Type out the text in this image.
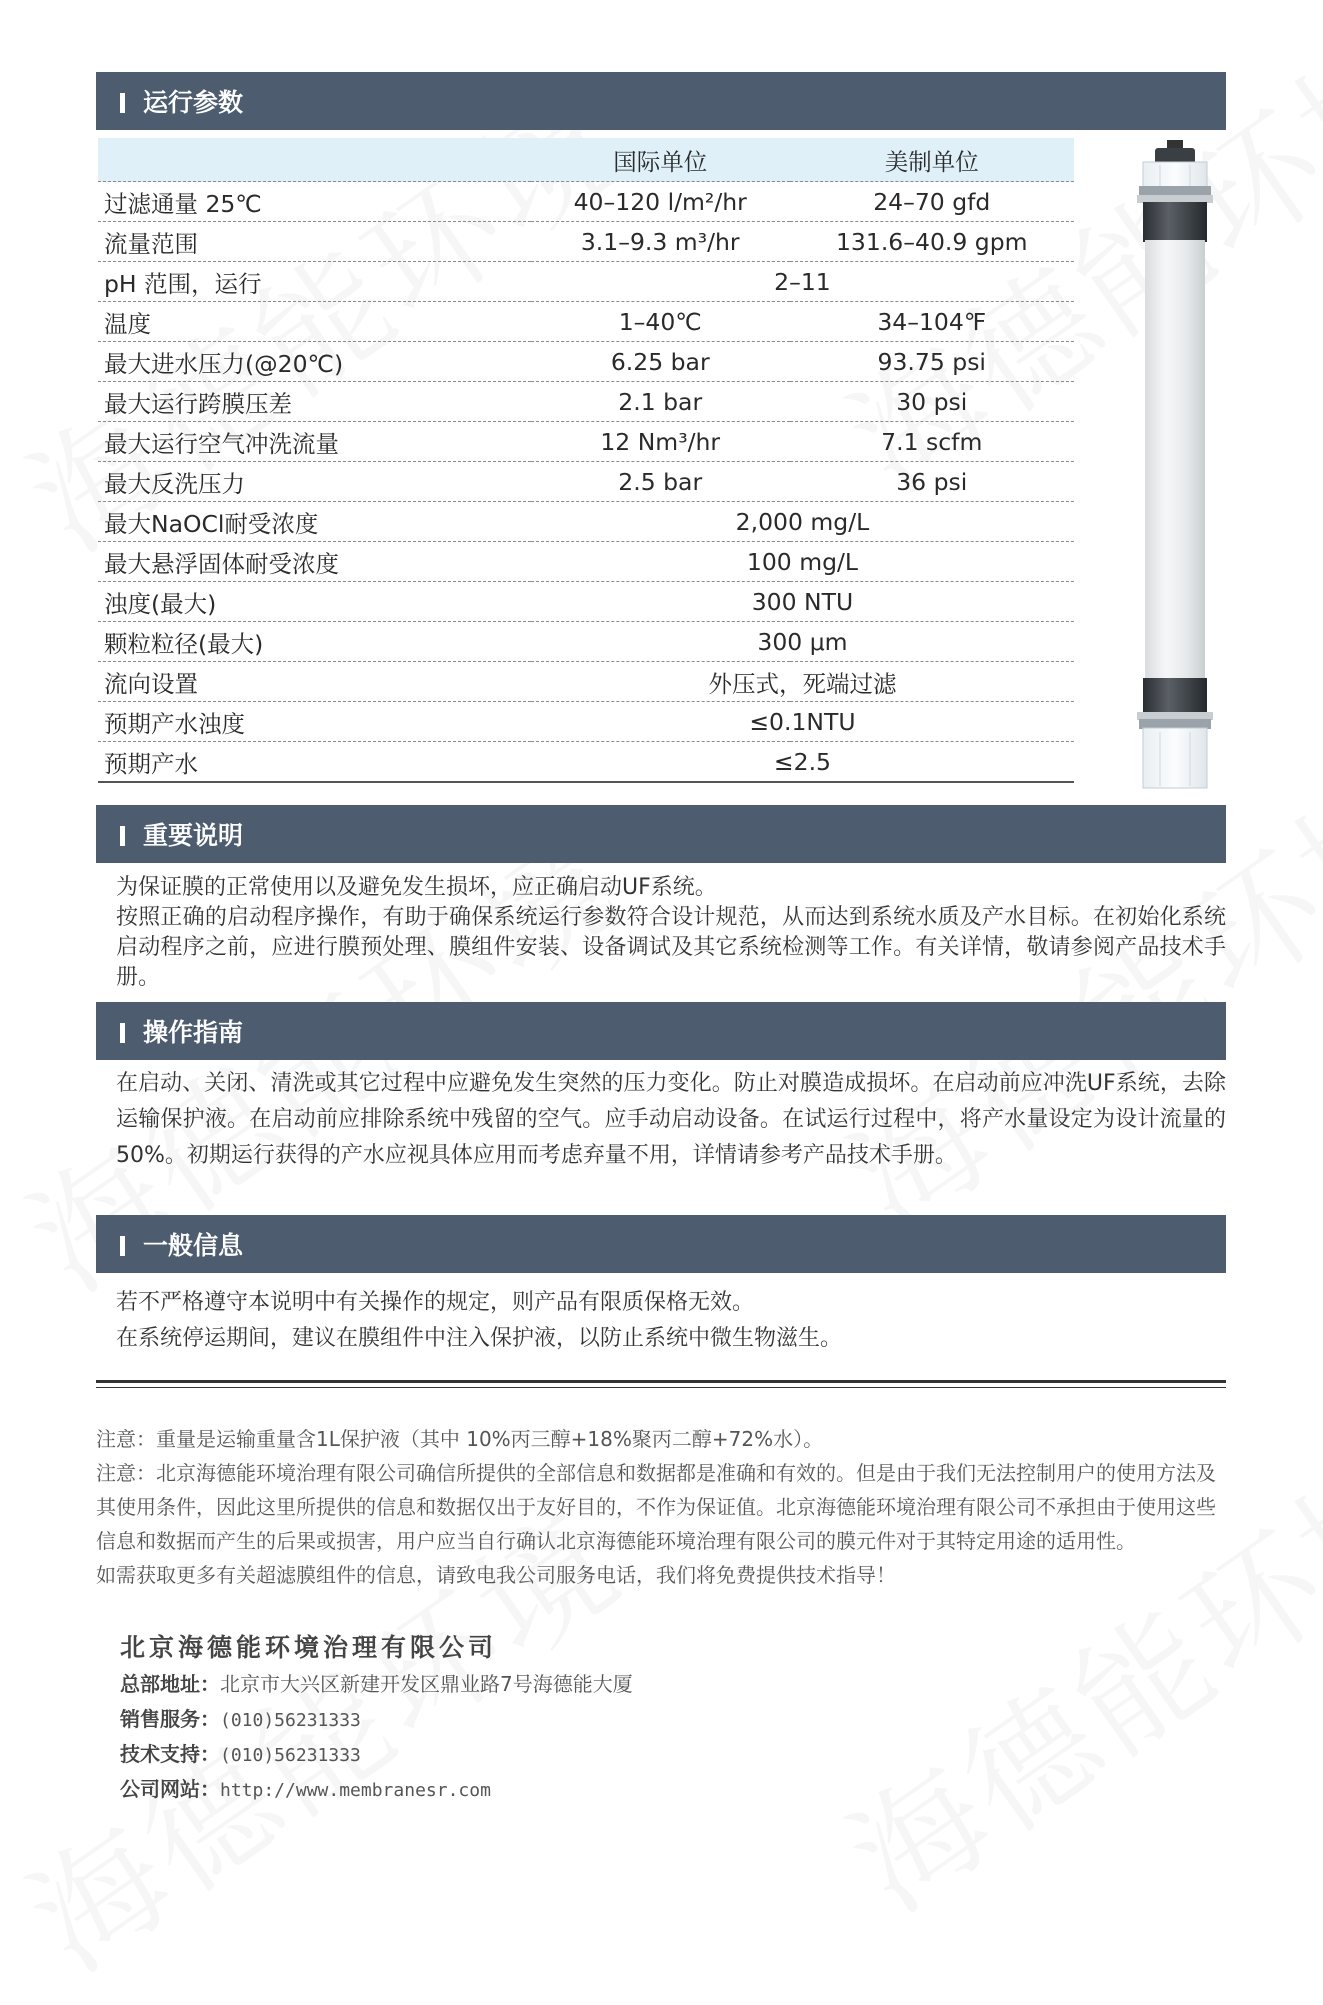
运行参数
	国际单位	美制单位
过滤通量 25℃	40–120 l/m²/hr	24–70 gfd
流量范围	3.1–9.3 m³/hr	131.6–40.9 gpm
pH 范围，运行	2–11	
温度	1–40℃	34–104℉
最大进水压力(@20℃)	6.25 bar	93.75 psi
最大运行跨膜压差	2.1 bar	30 psi
最大运行空气冲洗流量	12 Nm³/hr	7.1 scfm
最大反洗压力	2.5 bar	36 psi
最大NaOCl耐受浓度	2,000 mg/L	
最大悬浮固体耐受浓度	100 mg/L	
浊度(最大)	300 NTU	
颗粒粒径(最大)	300 μm	
流向设置	外压式，死端过滤	
预期产水浊度	≤0.1NTU	
预期产水	≤2.5	
重要说明

为保证膜的正常使用以及避免发生损坏，应正确启动UF系统。

按照正确的启动程序操作，有助于确保系统运行参数符合设计规范，从而达到系统水质及产水目标。在初始化系统启动程序之前，应进行膜预处理、膜组件安装、设备调试及其它系统检测等工作。有关详情，敬请参阅产品技术手册。

操作指南

在启动、关闭、清洗或其它过程中应避免发生突然的压力变化。防止对膜造成损坏。在启动前应冲洗UF系统，去除运输保护液。在启动前应排除系统中残留的空气。应手动启动设备。在试运行过程中，将产水量设定为设计流量的50%。初期运行获得的产水应视具体应用而考虑弃量不用，详情请参考产品技术手册。

一般信息

若不严格遵守本说明中有关操作的规定，则产品有限质保格无效。

在系统停运期间，建议在膜组件中注入保护液，以防止系统中微生物滋生。

注意：重量是运输重量含1L保护液（其中 10%丙三醇+18%聚丙二醇+72%水）。

注意：北京海德能环境治理有限公司确信所提供的全部信息和数据都是准确和有效的。但是由于我们无法控制用户的使用方法及其使用条件，因此这里所提供的信息和数据仅出于友好目的，不作为保证值。北京海德能环境治理有限公司不承担由于使用这些信息和数据而产生的后果或损害，用户应当自行确认北京海德能环境治理有限公司的膜元件对于其特定用途的适用性。

如需获取更多有关超滤膜组件的信息，请致电我公司服务电话，我们将免费提供技术指导！

北京海德能环境治理有限公司
总部地址：北京市大兴区新建开发区鼎业路7号海德能大厦
销售服务：(010)56231333
技术支持：(010)56231333
公司网站：http://www.membranesr.com
